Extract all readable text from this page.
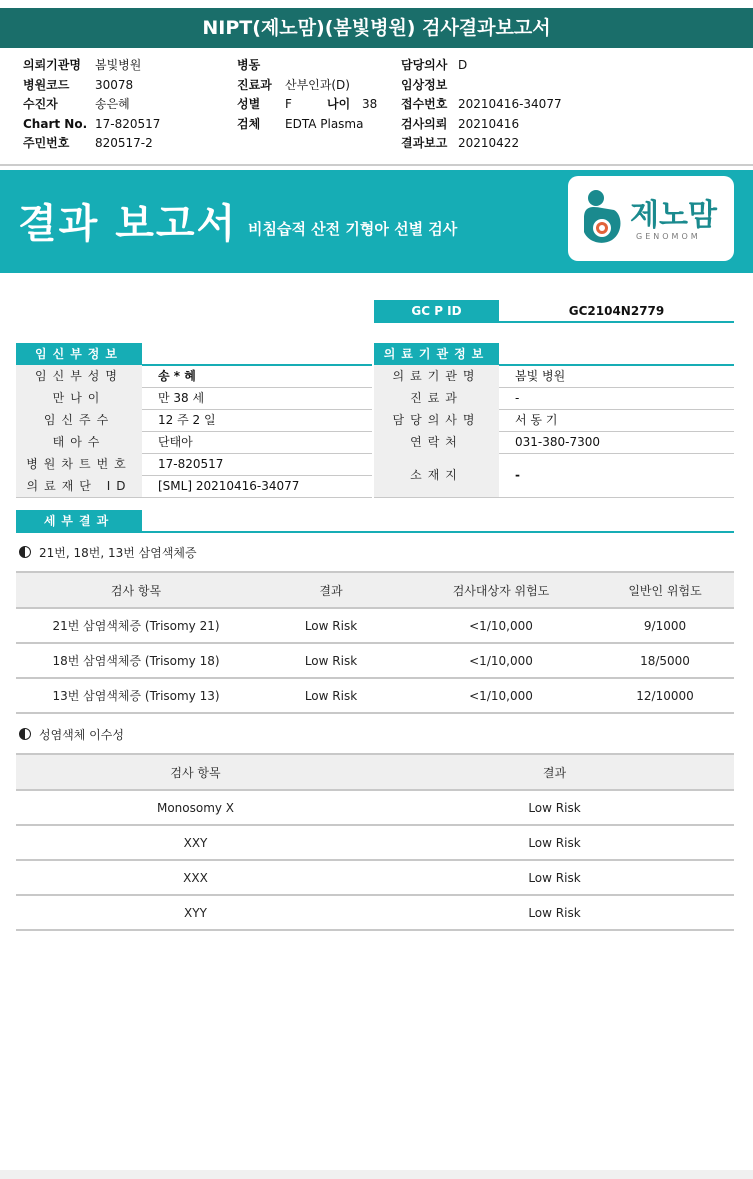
NIPT(제노맘)(봄빛병원) 검사결과보고서
의뢰기관명	봄빛병원
병원코드	30078
수진자	송은혜
Chart No. 17-820517
주민번호	820517-2
병동
진료과	산부인과(D)
성별	F	나이 38
검체	EDTA Plasma
담당의사 D
임상정보
접수번호 20210416-34077
검사의뢰 20210416
결과보고 20210422
결과 보고서 비침습적 산전 기형아 선별 검사	제노맘
GENOMOM
GC P ID	GC2104N2779
임신부정보
임신부성명	송 * 혜
만나이	만 38 세
임신주수	12 주 2 일
태아수	단태아
병원차트번호	17-820517
의료재단 ID	[SML] 20210416-34077
의료기관정보
의료기관명	봄빛 병원
진료과	-
담당의사명	서 동 기
연락처	031-380-7300
소재지	-
세부결과
21번, 18번, 13번 삼염색체증
검사 항목	결과	검사대상자 위험도	일반인 위험도
21번 삼염색체증 (Trisomy 21)	Low Risk	<1/10,000	9/1000
18번 삼염색체증 (Trisomy 18)	Low Risk	<1/10,000	18/5000
13번 삼염색체증 (Trisomy 13)	Low Risk	<1/10,000	12/10000
성염색체 이수성
검사 항목	결과
Monosomy X	Low Risk
XXY	Low Risk
XXX	Low Risk
XYY	Low Risk
